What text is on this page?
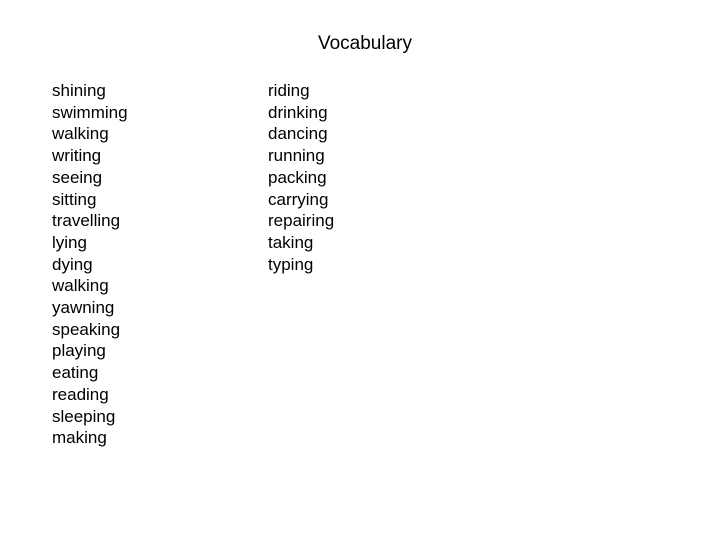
Vocabulary
shining
swimming
walking
writing
seeing
sitting
travelling
lying
dying
walking
yawning
speaking
playing
eating
reading
sleeping
making
riding
drinking
dancing
running
packing
carrying
repairing
taking
typing
